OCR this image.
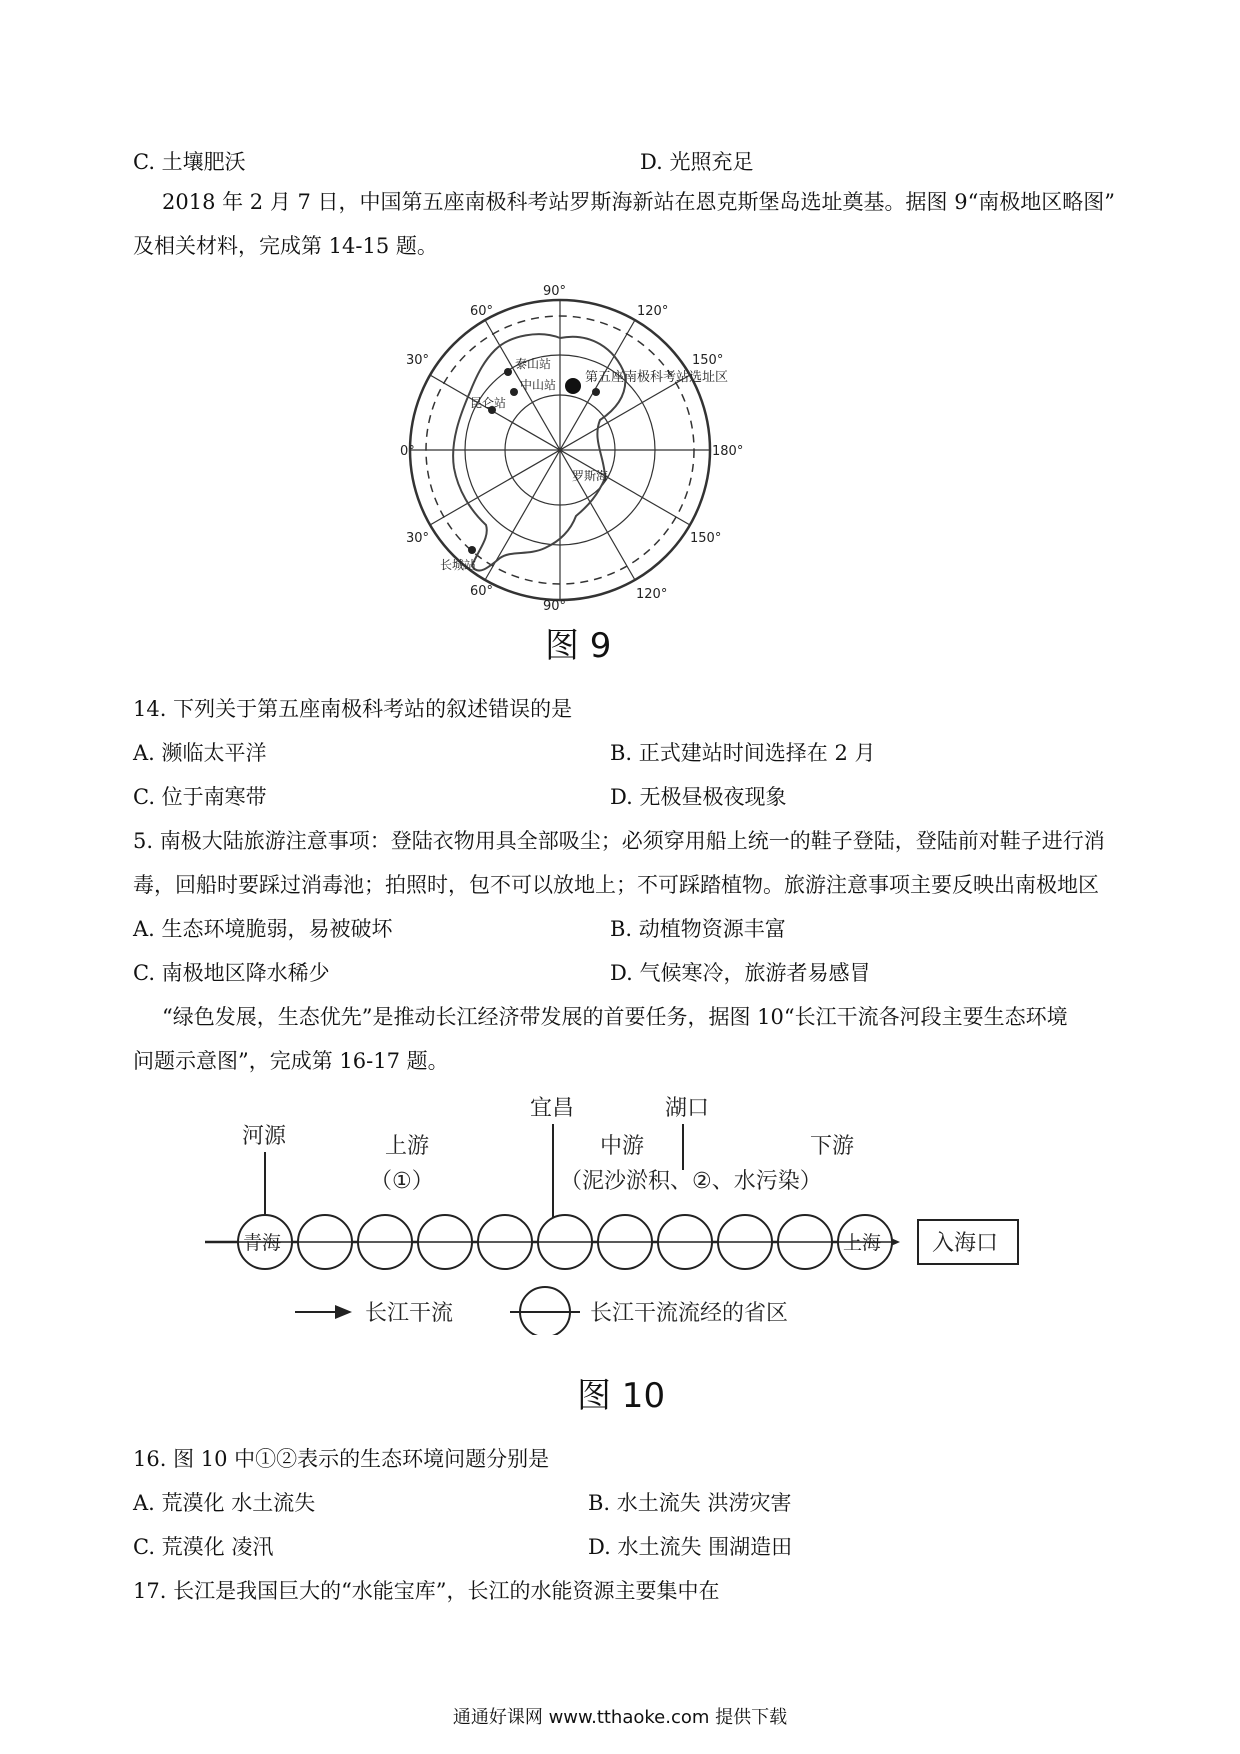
C. 土壤肥沃	D. 光照充足
2018 年 2 月 7 日，中国第五座南极科考站罗斯海新站在恩克斯堡岛选址奠基。据图 9“南极地区略图”
及相关材料，完成第 14-15 题。
90°
120°
150°
180°
150°
120°
90°
60°
30°
0°
30°
60°
泰山站
中山站
昆仑站
第五座南极科考站选址区
罗斯海
长城站
图 9
14. 下列关于第五座南极科考站的叙述错误的是
A. 濒临太平洋	B. 正式建站时间选择在 2 月
C. 位于南寒带	D. 无极昼极夜现象
5. 南极大陆旅游注意事项：登陆衣物用具全部吸尘；必须穿用船上统一的鞋子登陆，登陆前对鞋子进行消
毒，回船时要踩过消毒池；拍照时，包不可以放地上；不可踩踏植物。旅游注意事项主要反映出南极地区
A. 生态环境脆弱，易被破坏	B. 动植物资源丰富
C. 南极地区降水稀少	D. 气候寒冷，旅游者易感冒
“绿色发展，生态优先”是推动长江经济带发展的首要任务，据图 10“长江干流各河段主要生态环境
问题示意图”，完成第 16-17 题。
河源
宜昌	湖口
上游
（①）
中游
（泥沙淤积、②、水污染）
下游
青海	上海 入海口
长江干流	长江干流流经的省区
图 10
16. 图 10 中①②表示的生态环境问题分别是
A. 荒漠化 水土流失	B. 水土流失 洪涝灾害
C. 荒漠化 凌汛	D. 水土流失 围湖造田
17. 长江是我国巨大的“水能宝库”，长江的水能资源主要集中在
通通好课网 www.tthaoke.com 提供下载
